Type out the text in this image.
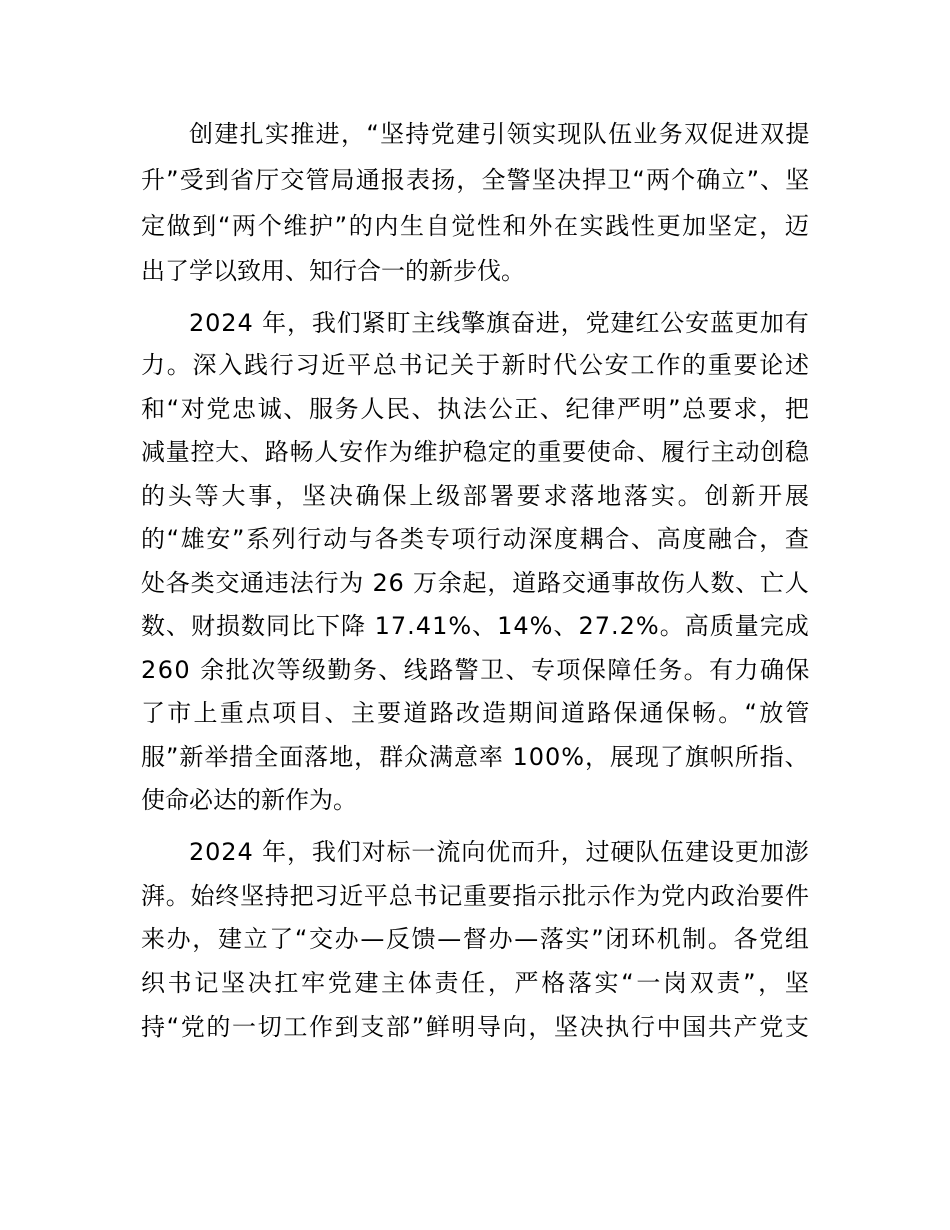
创建扎实推进，“坚持党建引领实现队伍业务双促进双提
升”受到省厅交管局通报表扬，全警坚决捍卫“两个确立”、坚
定做到“两个维护”的内生自觉性和外在实践性更加坚定，迈
出了学以致用、知行合一的新步伐。
2024 年，我们紧盯主线擎旗奋进，党建红公安蓝更加有
力。深入践行习近平总书记关于新时代公安工作的重要论述
和“对党忠诚、服务人民、执法公正、纪律严明”总要求，把
减量控大、路畅人安作为维护稳定的重要使命、履行主动创稳
的头等大事，坚决确保上级部署要求落地落实。创新开展
的“雄安”系列行动与各类专项行动深度耦合、高度融合，查
处各类交通违法行为 26 万余起，道路交通事故伤人数、亡人
数、财损数同比下降 17.41%、14%、27.2%。高质量完成
260 余批次等级勤务、线路警卫、专项保障任务。有力确保
了市上重点项目、主要道路改造期间道路保通保畅。“放管
服”新举措全面落地，群众满意率 100%，展现了旗帜所指、
使命必达的新作为。
2024 年，我们对标一流向优而升，过硬队伍建设更加澎
湃。始终坚持把习近平总书记重要指示批示作为党内政治要件
来办，建立了“交办—反馈—督办—落实”闭环机制。各党组
织书记坚决扛牢党建主体责任，严格落实“一岗双责”，坚
持“党的一切工作到支部”鲜明导向，坚决执行中国共产党支
